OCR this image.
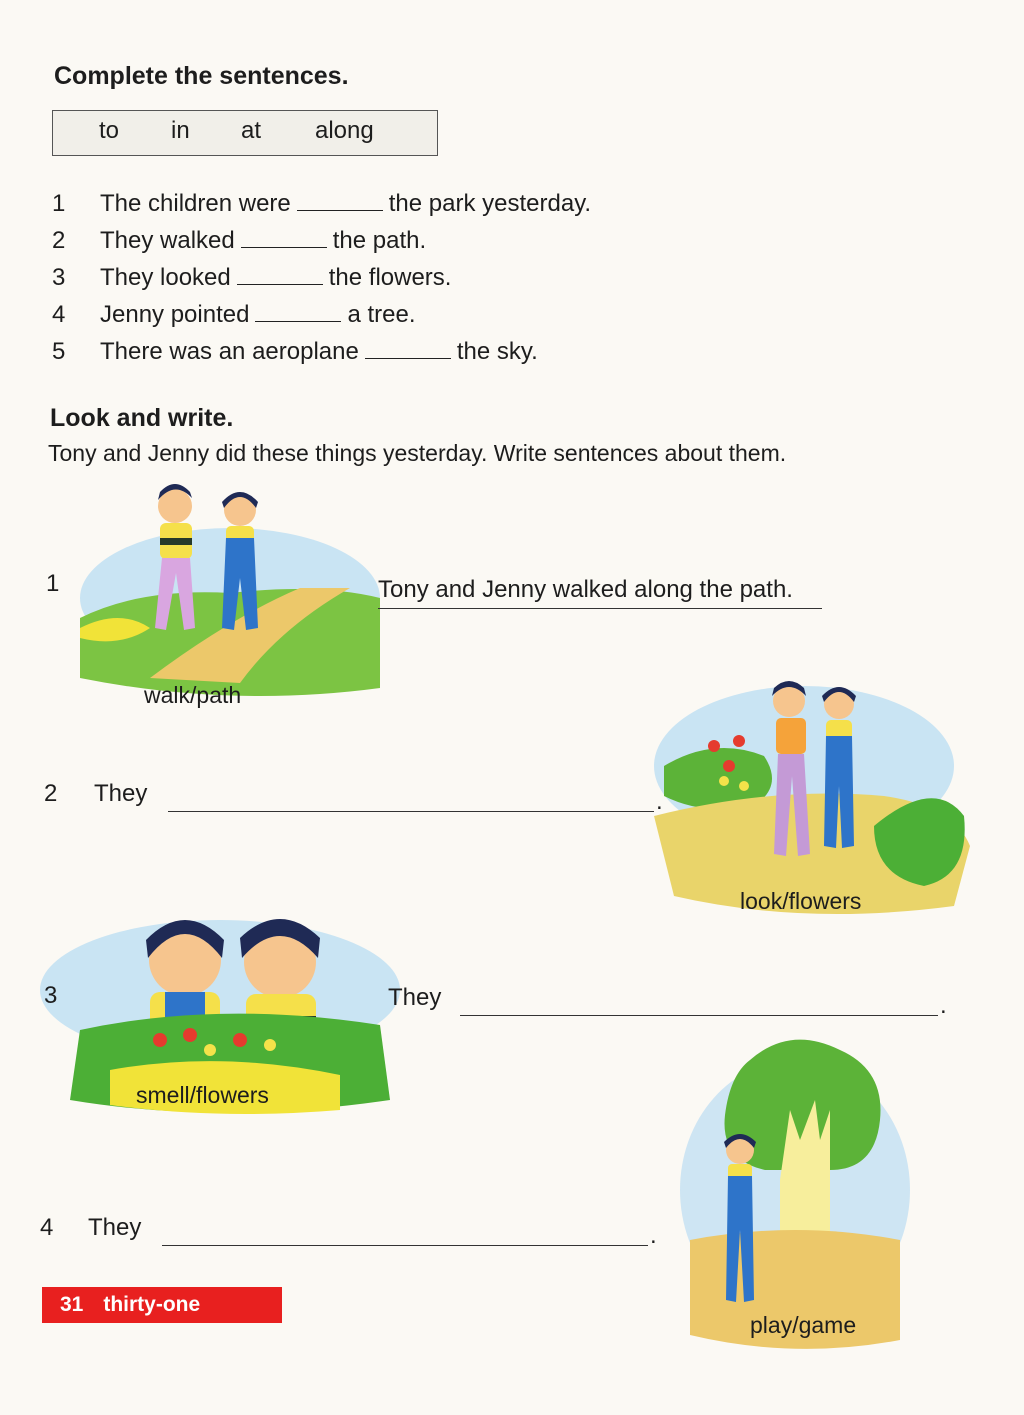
Complete the sentences.
to in at along
1 The children were	the park yesterday.
2 They walked	the path.
3 They looked	the flowers.
4 Jenny pointed	a tree.
5 There was an aeroplane	the sky.
Look and write.
Tony and Jenny did these things yesterday. Write sentences about them.
1	Tony and Jenny walked along the path.
walk/path
2 They	.
look/flowers
3	They	.
smell/flowers
4 They	.
play/game
31 thirty-one
